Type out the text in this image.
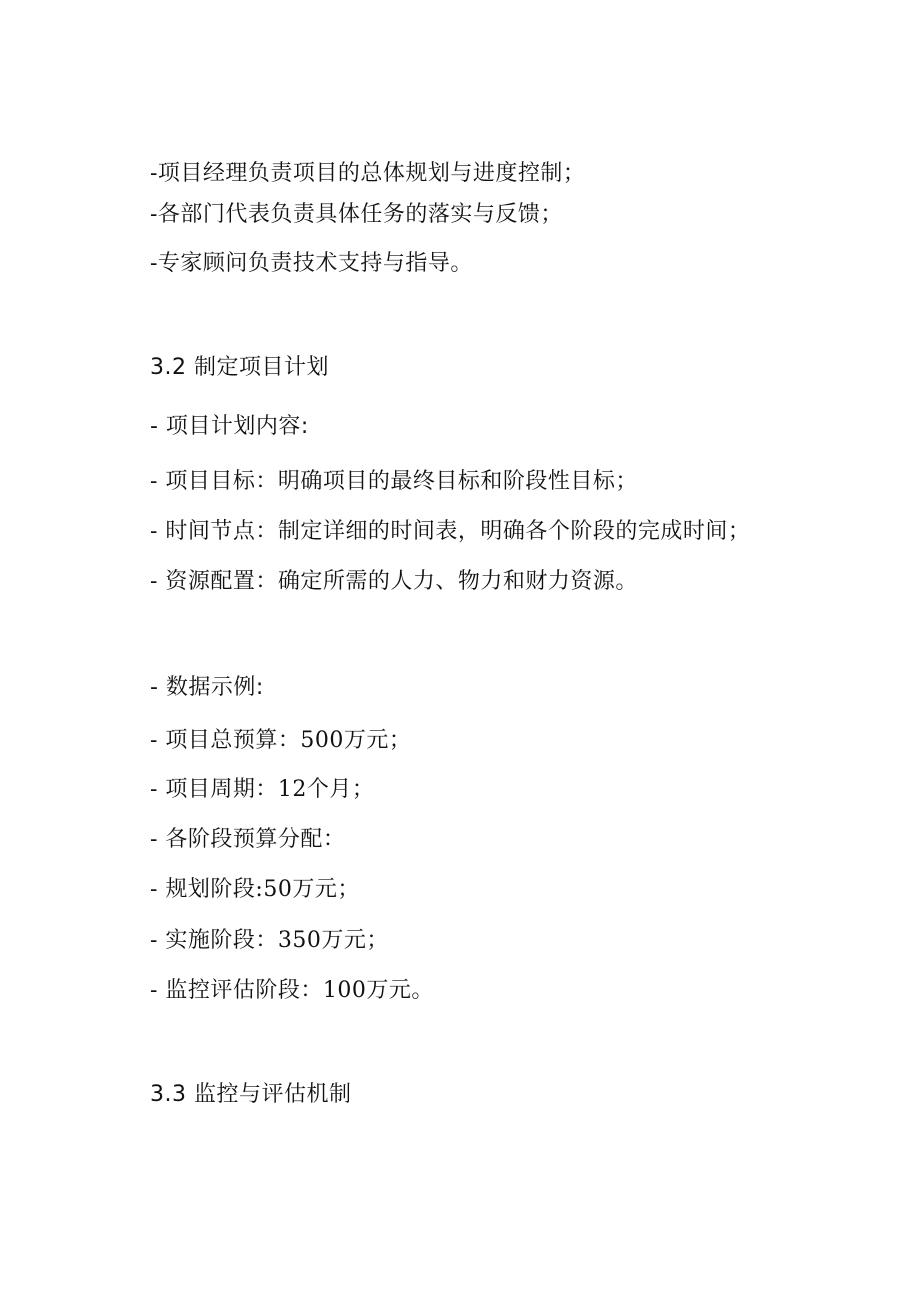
-项目经理负责项目的总体规划与进度控制；
-各部门代表负责具体任务的落实与反馈；
-专家顾问负责技术支持与指导。
3.2 制定项目计划
- 项目计划内容:
- 项目目标：明确项目的最终目标和阶段性目标；
- 时间节点：制定详细的时间表，明确各个阶段的完成时间；
- 资源配置：确定所需的人力、物力和财力资源。
- 数据示例:
- 项目总预算：500万元；
- 项目周期：12个月；
- 各阶段预算分配：
- 规划阶段:50万元；
- 实施阶段：350万元；
- 监控评估阶段：100万元。
3.3 监控与评估机制
